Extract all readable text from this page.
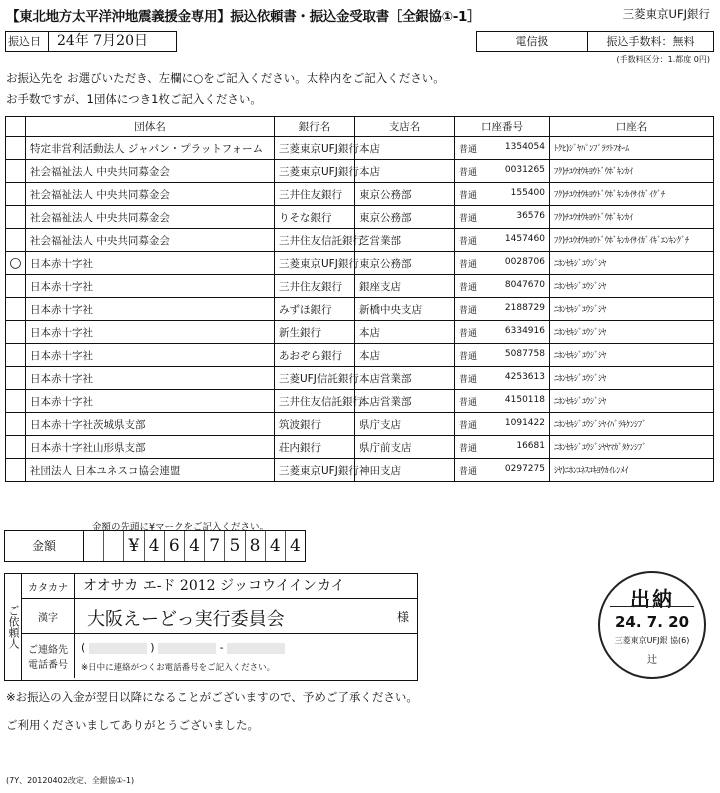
【東北地方太平洋沖地震義援金専用】振込依頼書・振込金受取書［全銀協①-1］	三菱東京UFJ銀行
振込日	24年 7月20日	電信扱	振込手数料：無料
(手数料区分：1.都度 0円)
お振込先を お選びいただき、左欄に○をご記入ください。太枠内をご記入ください。
お手数ですが、1団体につき1枚ご記入ください。
	団体名	銀行名	支店名	口座番号	口座名
	特定非営利活動法人 ジャパン・プラットフォーム	三菱東京UFJ銀行	本店	普通 1354054	ﾄｸﾋ)ｼﾞﾔﾊﾟﾝﾌﾟﾗﾂﾄﾌｵｰﾑ
	社会福祉法人 中央共同募金会	三菱東京UFJ銀行	本店	普通 0031265	ﾌｸ)ﾁﾕｳｵｳｷﾖｳﾄﾞｳﾎﾞｷﾝｶｲ
	社会福祉法人 中央共同募金会	三井住友銀行	東京公務部	普通 155400	ﾌｸ)ﾁﾕｳｵｳｷﾖｳﾄﾞｳﾎﾞｷﾝｶｲｻｲｶﾞｲｸﾞﾁ
	社会福祉法人 中央共同募金会	りそな銀行	東京公務部	普通 36576	ﾌｸ)ﾁﾕｳｵｳｷﾖｳﾄﾞｳﾎﾞｷﾝｶｲ
	社会福祉法人 中央共同募金会	三井住友信託銀行	芝営業部	普通 1457460	ﾌｸ)ﾁﾕｳｵｳｷﾖｳﾄﾞｳﾎﾞｷﾝｶｲｻｲｶﾞｲｷﾞｴﾝｷﾝｸﾞﾁ
○	日本赤十字社	三菱東京UFJ銀行	東京公務部	普通 0028706	ﾆﾎﾝｾｷｼﾞﾕｳｼﾞｼﾔ
	日本赤十字社	三井住友銀行	銀座支店	普通 8047670	ﾆﾎﾝｾｷｼﾞﾕｳｼﾞｼﾔ
	日本赤十字社	みずほ銀行	新橋中央支店	普通 2188729	ﾆﾎﾝｾｷｼﾞﾕｳｼﾞｼﾔ
	日本赤十字社	新生銀行	本店	普通 6334916	ﾆﾎﾝｾｷｼﾞﾕｳｼﾞｼﾔ
	日本赤十字社	あおぞら銀行	本店	普通 5087758	ﾆﾎﾝｾｷｼﾞﾕｳｼﾞｼﾔ
	日本赤十字社	三菱UFJ信託銀行	本店営業部	普通 4253613	ﾆﾎﾝｾｷｼﾞﾕｳｼﾞｼﾔ
	日本赤十字社	三井住友信託銀行	本店営業部	普通 4150118	ﾆﾎﾝｾｷｼﾞﾕｳｼﾞｼﾔ
	日本赤十字社茨城県支部	筑波銀行	県庁支店	普通 1091422	ﾆﾎﾝｾｷｼﾞﾕｳｼﾞｼﾔｲﾊﾞﾗｷｹﾝｼﾌﾞ
	日本赤十字社山形県支部	荘内銀行	県庁前支店	普通 16681	ﾆﾎﾝｾｷｼﾞﾕｳｼﾞｼﾔﾔﾏｶﾞﾀｹﾝｼﾌﾞ
	社団法人 日本ユネスコ協会連盟	三菱東京UFJ銀行	神田支店	普通 0297275	ｼﾔ)ﾆﾎﾝﾕﾈｽｺｷﾖｳｶｲﾚﾝﾒｲ
金額の先頭に¥マークをご記入ください。
金額	¥ 4 6 4 7 5 8 4 4
ご依頼人
カタカナ	オオサカ エ-ド 2012 ジッコウイインカイ
漢字	大阪えーどっ実行委員会	様
ご連絡先 電話番号
(	)	-
※日中に連絡がつくお電話番号をご記入ください。
出納
24. 7. 20
三菱東京UFJ銀 協(6)
辻
※お振込の入金が翌日以降になることがございますので、予めご了承ください。
ご利用くださいましてありがとうございました。
(7Y、20120402改定、全銀協①-1)
